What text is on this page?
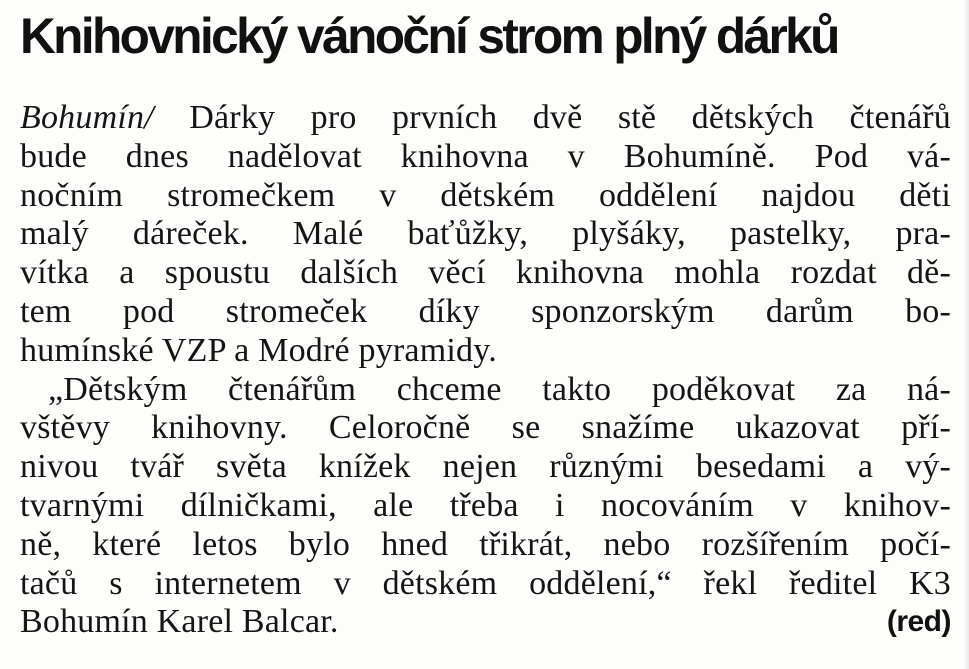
Knihovnický vánoční strom plný dárků
Bohumín/ Dárky pro prvních dvě stě dětských čtenářů
bude dnes nadělovat knihovna v Bohumíně. Pod vá-
nočním stromečkem v dětském oddělení najdou děti
malý dáreček. Malé baťůžky, plyšáky, pastelky, pra-
vítka a spoustu dalších věcí knihovna mohla rozdat dě-
tem pod stromeček díky sponzorským darům bo-
humínské VZP a Modré pyramidy.
„Dětským čtenářům chceme takto poděkovat za ná-
vštěvy knihovny. Celoročně se snažíme ukazovat pří-
nivou tvář světa knížek nejen různými besedami a vý-
tvarnými dílničkami, ale třeba i nocováním v knihov-
ně, které letos bylo hned třikrát, nebo rozšířením počí-
tačů s internetem v dětském oddělení,“ řekl ředitel K3
Bohumín Karel Balcar.	(red)
